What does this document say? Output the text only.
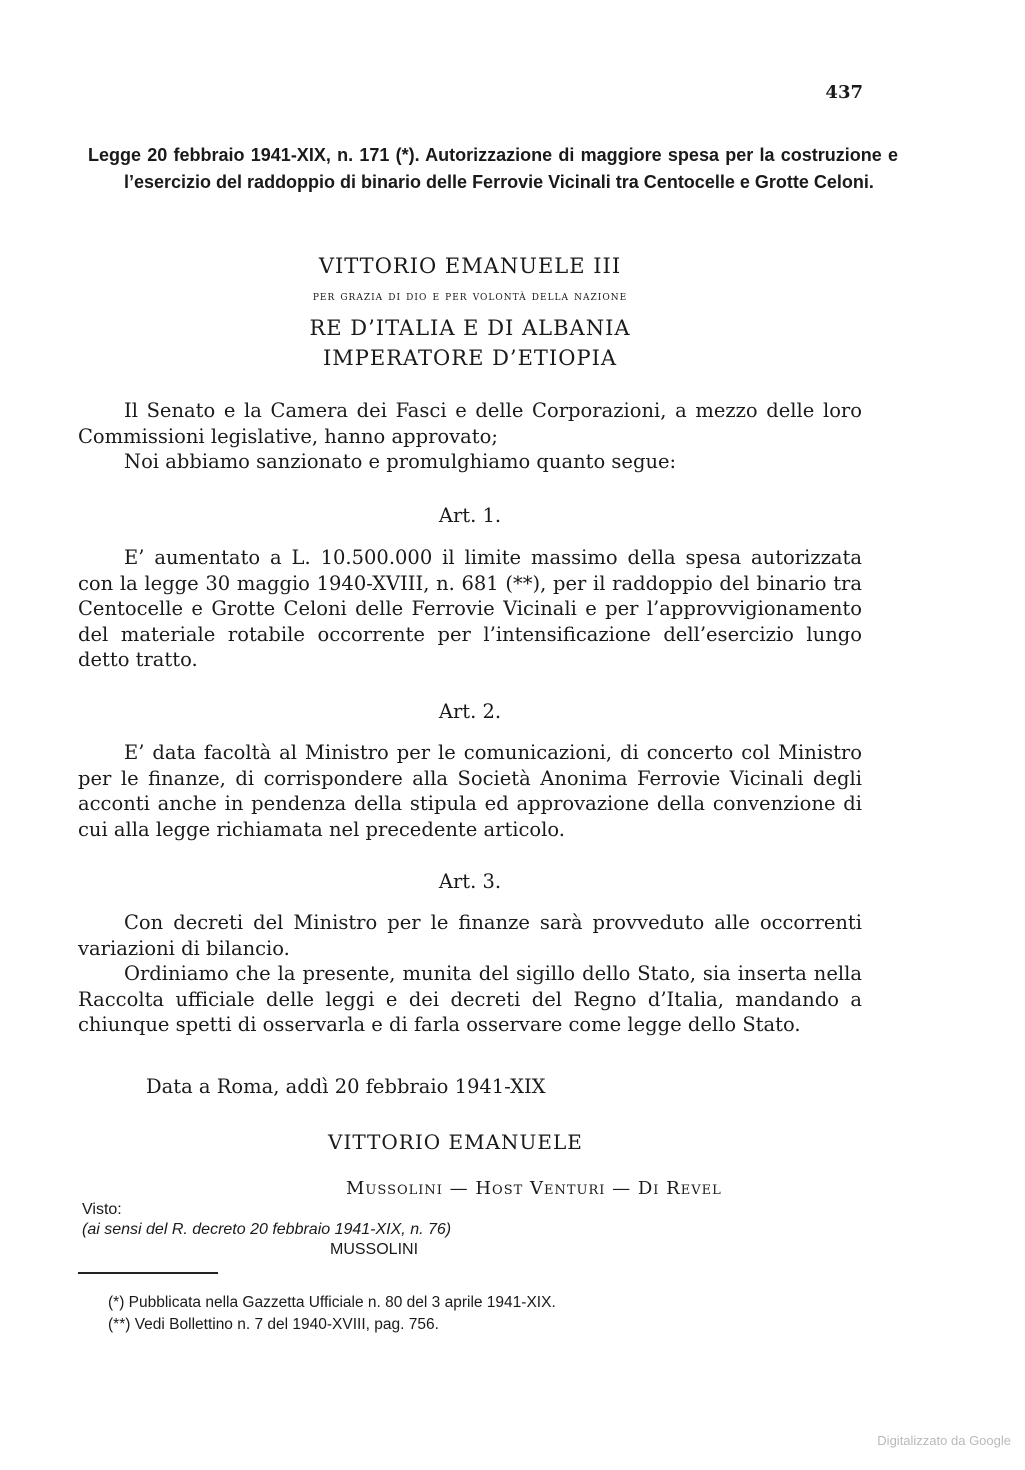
437
Legge 20 febbraio 1941-XIX, n. 171 (*). Autorizzazione di maggiore spesa per la costruzione e l’esercizio del raddoppio di binario delle Ferrovie Vicinali tra Centocelle e Grotte Celoni.
VITTORIO EMANUELE III
per grazia di dio e per volontà della nazione
RE D’ITALIA E DI ALBANIA
IMPERATORE D’ETIOPIA

Il Senato e la Camera dei Fasci e delle Corporazioni, a mezzo delle loro Commissioni legislative, hanno approvato;

Noi abbiamo sanzionato e promulghiamo quanto segue:

Art. 1.

E’ aumentato a L. 10.500.000 il limite massimo della spesa autorizzata con la legge 30 maggio 1940-XVIII, n. 681 (**), per il raddoppio del binario tra Centocelle e Grotte Celoni delle Ferrovie Vicinali e per l’approvvigionamento del materiale rotabile occorrente per l’intensificazione dell’esercizio lungo detto tratto.

Art. 2.

E’ data facoltà al Ministro per le comunicazioni, di concerto col Ministro per le finanze, di corrispondere alla Società Anonima Ferrovie Vicinali degli acconti anche in pendenza della stipula ed approvazione della convenzione di cui alla legge richiamata nel precedente articolo.

Art. 3.

Con decreti del Ministro per le finanze sarà provveduto alle occorrenti variazioni di bilancio.

Ordiniamo che la presente, munita del sigillo dello Stato, sia inserta nella Raccolta ufficiale delle leggi e dei decreti del Regno d’Italia, mandando a chiunque spetti di osservarla e di farla osservare come legge dello Stato.

Data a Roma, addì 20 febbraio 1941-XIX
VITTORIO EMANUELE
Mussolini — Host Venturi — Di Revel
Visto:
(ai sensi del R. decreto 20 febbraio 1941-XIX, n. 76)
MUSSOLINI
(*) Pubblicata nella Gazzetta Ufficiale n. 80 del 3 aprile 1941-XIX.
(**) Vedi Bollettino n. 7 del 1940-XVIII, pag. 756.
Digitalizzato da Google
